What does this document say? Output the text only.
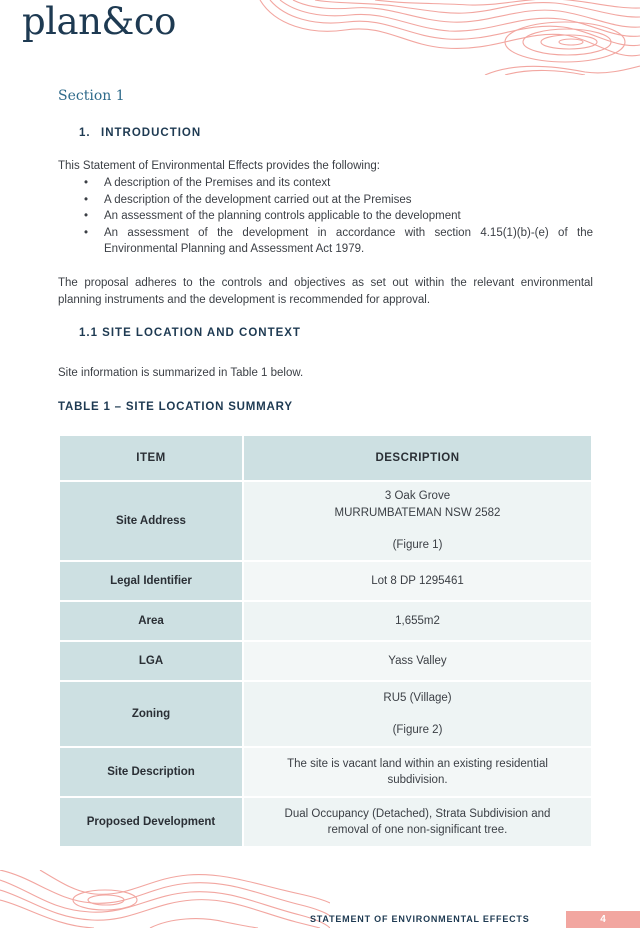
plan&co
Section 1
1. INTRODUCTION
This Statement of Environmental Effects provides the following:
• A description of the Premises and its context
• A description of the development carried out at the Premises
• An assessment of the planning controls applicable to the development
• An assessment of the development in accordance with section 4.15(1)(b)-(e) of the Environmental Planning and Assessment Act 1979.
The proposal adheres to the controls and objectives as set out within the relevant environmental planning instruments and the development is recommended for approval.
1.1 SITE LOCATION AND CONTEXT
Site information is summarized in Table 1 below.
TABLE 1 – SITE LOCATION SUMMARY
ITEM	DESCRIPTION
Site Address	3 Oak Grove
MURRUMBATEMAN NSW 2582
(Figure 1)

Legal Identifier	Lot 8 DP 1295461
Area	1,655m2
LGA	Yass Valley
Zoning	RU5 (Village)
(Figure 2)

Site Description	The site is vacant land within an existing residential subdivision.
Proposed Development	Dual Occupancy (Detached), Strata Subdivision and removal of one non-significant tree.
STATEMENT OF ENVIRONMENTAL EFFECTS	4
